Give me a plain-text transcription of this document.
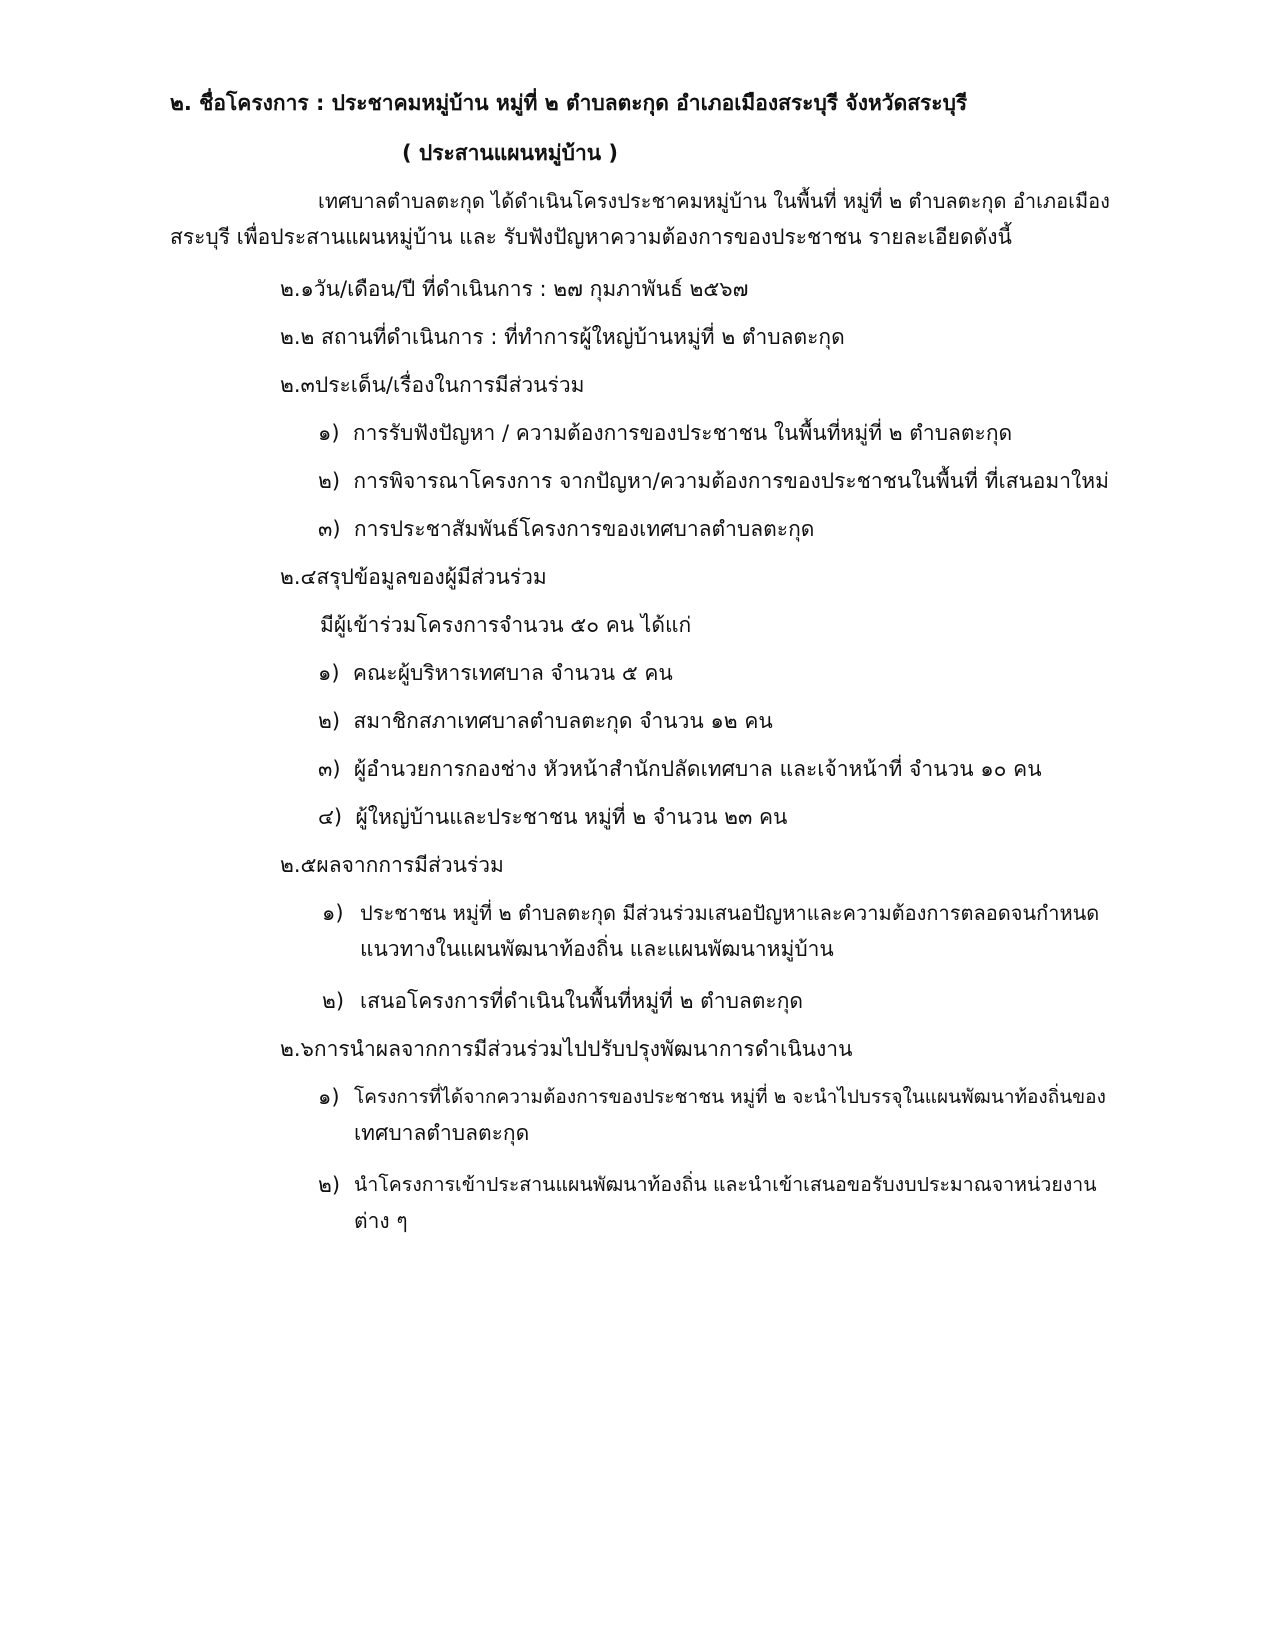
๒. ชื่อโครงการ : ประชาคมหมู่บ้าน หมู่ที่ ๒ ตำบลตะกุด อำเภอเมืองสระบุรี จังหวัดสระบุรี
( ประสานแผนหมู่บ้าน )
เทศบาลตำบลตะกุด ได้ดำเนินโครงประชาคมหมู่บ้าน ในพื้นที่ หมู่ที่ ๒ ตำบลตะกุด อำเภอเมือง
สระบุรี เพื่อประสานแผนหมู่บ้าน และ รับฟังปัญหาความต้องการของประชาชน รายละเอียดดังนี้
๒.๑วัน/เดือน/ปี ที่ดำเนินการ : ๒๗ กุมภาพันธ์ ๒๕๖๗
๒.๒ สถานที่ดำเนินการ : ที่ทำการผู้ใหญ่บ้านหมู่ที่ ๒ ตำบลตะกุด
๒.๓ประเด็น/เรื่องในการมีส่วนร่วม
๑) การรับฟังปัญหา / ความต้องการของประชาชน ในพื้นที่หมู่ที่ ๒ ตำบลตะกุด
๒) การพิจารณาโครงการ จากปัญหา/ความต้องการของประชาชนในพื้นที่ ที่เสนอมาใหม่
๓) การประชาสัมพันธ์โครงการของเทศบาลตำบลตะกุด
๒.๔สรุปข้อมูลของผู้มีส่วนร่วม
มีผู้เข้าร่วมโครงการจำนวน ๕๐ คน ได้แก่
๑) คณะผู้บริหารเทศบาล จำนวน ๕ คน
๒) สมาชิกสภาเทศบาลตำบลตะกุด จำนวน ๑๒ คน
๓) ผู้อำนวยการกองช่าง หัวหน้าสำนักปลัดเทศบาล และเจ้าหน้าที่ จำนวน ๑๐ คน
๔) ผู้ใหญ่บ้านและประชาชน หมู่ที่ ๒ จำนวน ๒๓ คน
๒.๕ผลจากการมีส่วนร่วม
๑) ประชาชน หมู่ที่ ๒ ตำบลตะกุด มีส่วนร่วมเสนอปัญหาและความต้องการตลอดจนกำหนด
แนวทางในแผนพัฒนาท้องถิ่น และแผนพัฒนาหมู่บ้าน
๒) เสนอโครงการที่ดำเนินในพื้นที่หมู่ที่ ๒ ตำบลตะกุด
๒.๖การนำผลจากการมีส่วนร่วมไปปรับปรุงพัฒนาการดำเนินงาน
๑) โครงการที่ได้จากความต้องการของประชาชน หมู่ที่ ๒ จะนำไปบรรจุในแผนพัฒนาท้องถิ่นของ
เทศบาลตำบลตะกุด
๒) นำโครงการเข้าประสานแผนพัฒนาท้องถิ่น และนำเข้าเสนอขอรับงบประมาณจาหน่วยงาน
ต่าง ๆ
